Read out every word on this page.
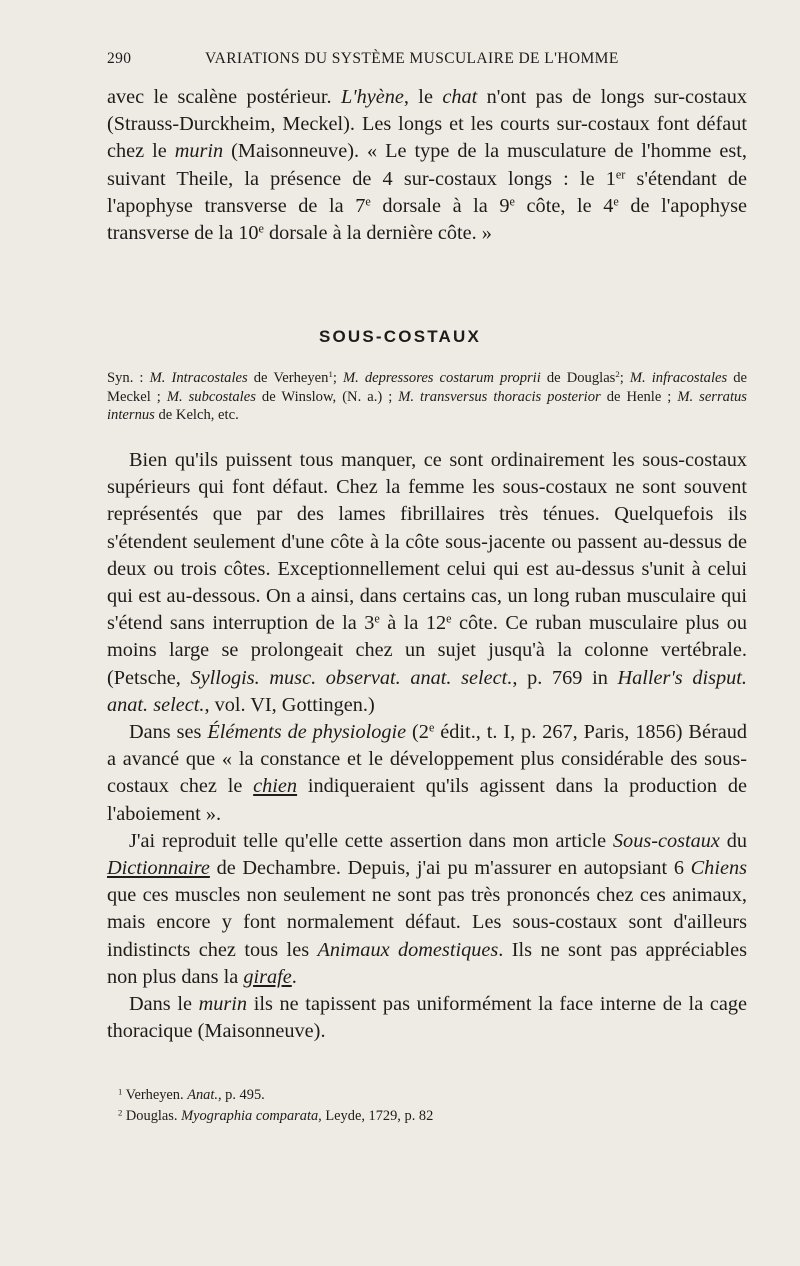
290	VARIATIONS DU SYSTÈME MUSCULAIRE DE L'HOMME

avec le scalène postérieur. L'hyène, le chat n'ont pas de longs sur-costaux (Strauss-Durckheim, Meckel). Les longs et les courts sur-costaux font défaut chez le murin (Maisonneuve). « Le type de la musculature de l'homme est, suivant Theile, la présence de 4 sur-costaux longs : le 1er s'étendant de l'apophyse transverse de la 7e dorsale à la 9e côte, le 4e de l'apophyse transverse de la 10e dorsale à la dernière côte. »

SOUS-COSTAUX
Syn. : M. Intracostales de Verheyen$^1$; M. depressores costarum proprii de Douglas$^2$; M. infracostales de Meckel ; M. subcostales de Winslow, (N. a.) ; M. transversus thoracis posterior de Henle ; M. serratus internus de Kelch, etc.

Bien qu'ils puissent tous manquer, ce sont ordinairement les sous-costaux supérieurs qui font défaut. Chez la femme les sous-costaux ne sont souvent représentés que par des lames fibrillaires très ténues. Quelquefois ils s'étendent seulement d'une côte à la côte sous-jacente ou passent au-dessus de deux ou trois côtes. Exceptionnellement celui qui est au-dessus s'unit à celui qui est au-dessous. On a ainsi, dans certains cas, un long ruban musculaire qui s'étend sans interruption de la 3e à la 12e côte. Ce ruban musculaire plus ou moins large se prolongeait chez un sujet jusqu'à la colonne vertébrale. (Petsche, Syllogis. musc. observat. anat. select., p. 769 in Haller's disput. anat. select., vol. VI, Gottingen.)

Dans ses Éléments de physiologie (2e édit., t. I, p. 267, Paris, 1856) Béraud a avancé que « la constance et le développement plus considérable des sous-costaux chez le chien indiqueraient qu'ils agissent dans la production de l'aboiement ».

J'ai reproduit telle qu'elle cette assertion dans mon article Sous-costaux du Dictionnaire de Dechambre. Depuis, j'ai pu m'assurer en autopsiant 6 Chiens que ces muscles non seulement ne sont pas très prononcés chez ces animaux, mais encore y font normalement défaut. Les sous-costaux sont d'ailleurs indistincts chez tous les Animaux domestiques. Ils ne sont pas appréciables non plus dans la girafe.

Dans le murin ils ne tapissent pas uniformément la face interne de la cage thoracique (Maisonneuve).

$^1$ Verheyen. Anat., p. 495.
$^2$ Douglas. Myographia comparata, Leyde, 1729, p. 82
